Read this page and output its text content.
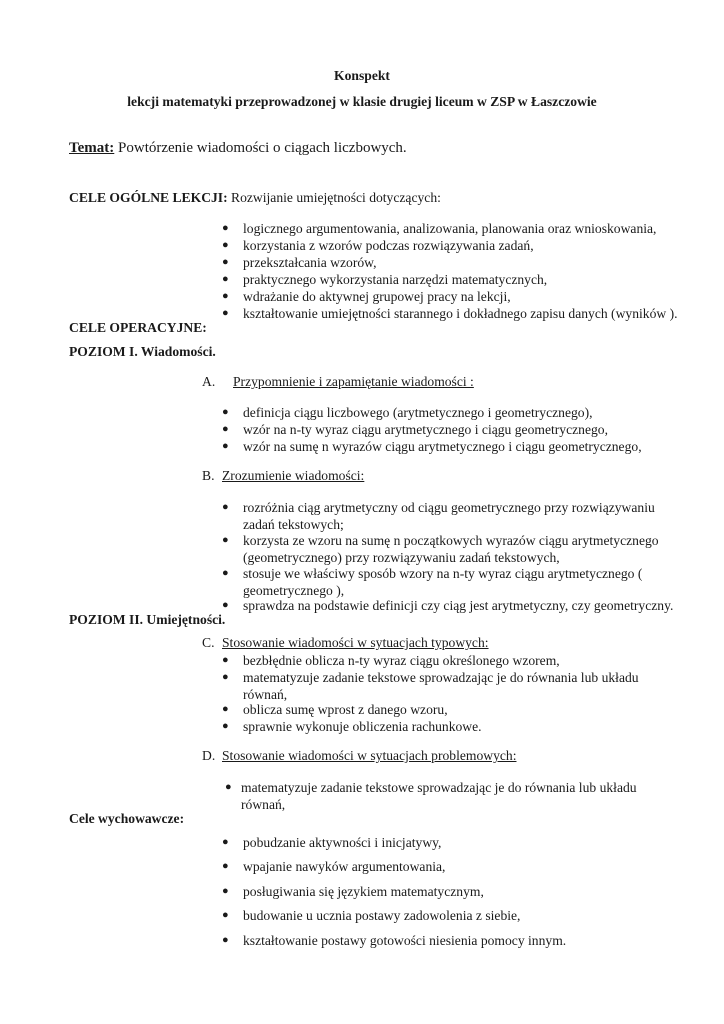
Konspekt
lekcji matematyki przeprowadzonej w klasie drugiej liceum w ZSP w Łaszczowie
Temat: Powtórzenie wiadomości o ciągach liczbowych.
CELE OGÓLNE LEKCJI: Rozwijanie umiejętności dotyczących:
● logicznego argumentowania, analizowania, planowania oraz wnioskowania,
● korzystania z wzorów podczas rozwiązywania zadań,
● przekształcania wzorów,
● praktycznego wykorzystania narzędzi matematycznych,
● wdrażanie do aktywnej grupowej pracy na lekcji,
● kształtowanie umiejętności starannego i dokładnego zapisu danych (wyników ).
CELE OPERACYJNE:
POZIOM I. Wiadomości.
A. Przypomnienie i zapamiętanie wiadomości :
● definicja ciągu liczbowego (arytmetycznego i geometrycznego),
● wzór na n-ty wyraz ciągu arytmetycznego i ciągu geometrycznego,
● wzór na sumę n wyrazów ciągu arytmetycznego i ciągu geometrycznego,
B. Zrozumienie wiadomości:
● rozróżnia ciąg arytmetyczny od ciągu geometrycznego przy rozwiązywaniu zadań tekstowych;
● korzysta ze wzoru na sumę n początkowych wyrazów ciągu arytmetycznego (geometrycznego) przy rozwiązywaniu zadań tekstowych,
● stosuje we właściwy sposób wzory na n-ty wyraz ciągu arytmetycznego ( geometrycznego ),
● sprawdza na podstawie definicji czy ciąg jest arytmetyczny, czy geometryczny.
POZIOM II. Umiejętności.
C. Stosowanie wiadomości w sytuacjach typowych:
● bezbłędnie oblicza n-ty wyraz ciągu określonego wzorem,
● matematyzuje zadanie tekstowe sprowadzając je do równania lub układu równań,
● oblicza sumę wprost z danego wzoru,
● sprawnie wykonuje obliczenia rachunkowe.
D. Stosowanie wiadomości w sytuacjach problemowych:
● matematyzuje zadanie tekstowe sprowadzając je do równania lub układu równań,
Cele wychowawcze:
● pobudzanie aktywności i inicjatywy,
● wpajanie nawyków argumentowania,
● posługiwania się językiem matematycznym,
● budowanie u ucznia postawy zadowolenia z siebie,
● kształtowanie postawy gotowości niesienia pomocy innym.
